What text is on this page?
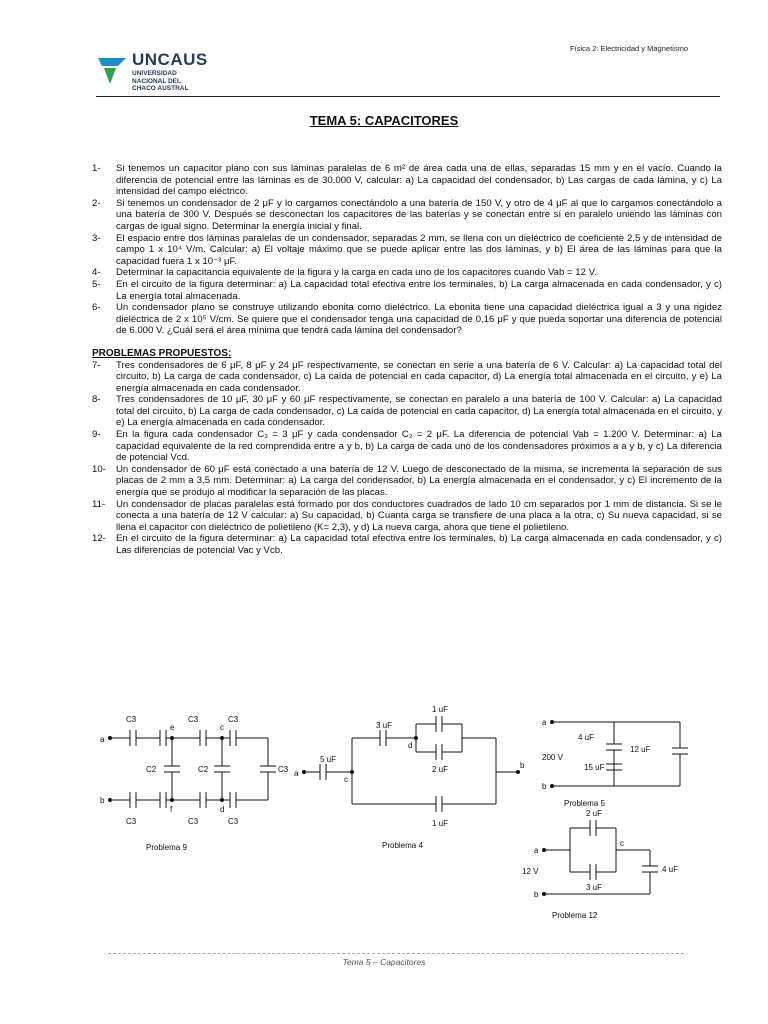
UNCAUS
UNIVERSIDAD
NACIONAL DEL
CHACO AUSTRAL
Física 2: Electricidad y Magnetismo
TEMA 5: CAPACITORES
1-	Si tenemos un capacitor plano con sus láminas paralelas de 6 m² de área cada una de ellas, separadas 15 mm y en el vacío. Cuando la diferencia de potencial entre las láminas es de 30.000 V, calcular: a) La capacidad del condensador, b) Las cargas de cada lámina, y c) La intensidad del campo eléctrico.
2-	Si tenemos un condensador de 2 μF y lo cargamos conectándolo a una batería de 150 V, y otro de 4 μF al que lo cargamos conectándolo a una batería de 300 V. Después se desconectan los capacitores de las baterías y se conectan entre sí en paralelo uniendo las láminas con cargas de igual signo. Determinar la energía inicial y final.
3-	El espacio entre dos láminas paralelas de un condensador, separadas 2 mm, se llena con un dieléctrico de coeficiente 2,5 y de intensidad de campo 1 x 10⁴ V/m. Calcular: a) El voltaje máximo que se puede aplicar entre las dos láminas, y b) El área de las láminas para que la capacidad fuera 1 x 10⁻³ μF.
4-	Determinar la capacitancia equivalente de la figura y la carga en cada uno de los capacitores cuando Vab = 12 V.
5-	En el circuito de la figura determinar: a) La capacidad total efectiva entre los terminales, b) La carga almacenada en cada condensador, y c) La energía total almacenada.
6-	Un condensador plano se construye utilizando ebonita como dieléctrico. La ebonita tiene una capacidad dieléctrica igual a 3 y una rigidez dieléctrica de 2 x 10⁵ V/cm. Se quiere que el condensador tenga una capacidad de 0,16 μF y que pueda soportar una diferencia de potencial de 6.000 V. ¿Cuál será el área mínima que tendrá cada lámina del condensador?
PROBLEMAS PROPUESTOS:
7-	Tres condensadores de 6 μF, 8 μF y 24 μF respectivamente, se conectan en serie a una batería de 6 V. Calcular: a) La capacidad total del circuito, b) La carga de cada condensador, c) La caída de potencial en cada capacitor, d) La energía total almacenada en el circuito, y e) La energía almacenada en cada condensador.
8-	Tres condensadores de 10 μF, 30 μF y 60 μF respectivamente, se conectan en paralelo a una batería de 100 V. Calcular: a) La capacidad total del circuito, b) La carga de cada condensador, c) La caída de potencial en cada capacitor, d) La energía total almacenada en el circuito, y e) La energía almacenada en cada condensador.
9-	En la figura cada condensador C₃ = 3 μF y cada condensador C₂ = 2 μF. La diferencia de potencial Vab = 1.200 V. Determinar: a) La capacidad equivalente de la red comprendida entre a y b, b) La carga de cada uno de los condensadores próximos a a y b, y c) La diferencia de potencial Vcd.
10-	Un condensador de 60 μF está conectado a una batería de 12 V. Luego de desconectado de la misma, se incrementa la separación de sus placas de 2 mm a 3,5 mm. Determinar: a) La carga del condensador, b) La energía almacenada en el condensador, y c) El incremento de la energía que se produjo al modificar la separación de las placas.
11-	Un condensador de placas paralelas está formado por dos conductores cuadrados de lado 10 cm separados por 1 mm de distancia. Si se le conecta a una batería de 12 V calcular: a) Su capacidad, b) Cuanta carga se transfiere de una placa a la otra, c) Su nueva capacidad, si se llena el capacitor con dieléctrico de polietileno (K= 2,3), y d) La nueva carga, ahora que tiene el polietileno.
12-	En el circuito de la figura determinar: a) La capacidad total efectiva entre los terminales, b) La carga almacenada en cada condensador, y c) Las diferencias de potencial Vac y Vcb.
a
b
C3	C3	C3
C3	C3	C3
C3
C2	C2
e	c
f	d
Problema 9
a
b
c
d
5 uF
3 uF
1 uF
2 uF
1 uF
Problema 4
a
b
4 uF
12 uF
200 V
15 uF
Problema 5
a
b
c
2 uF
3 uF
4 uF
12 V
Problema 12
Tema 5 – Capacitores
